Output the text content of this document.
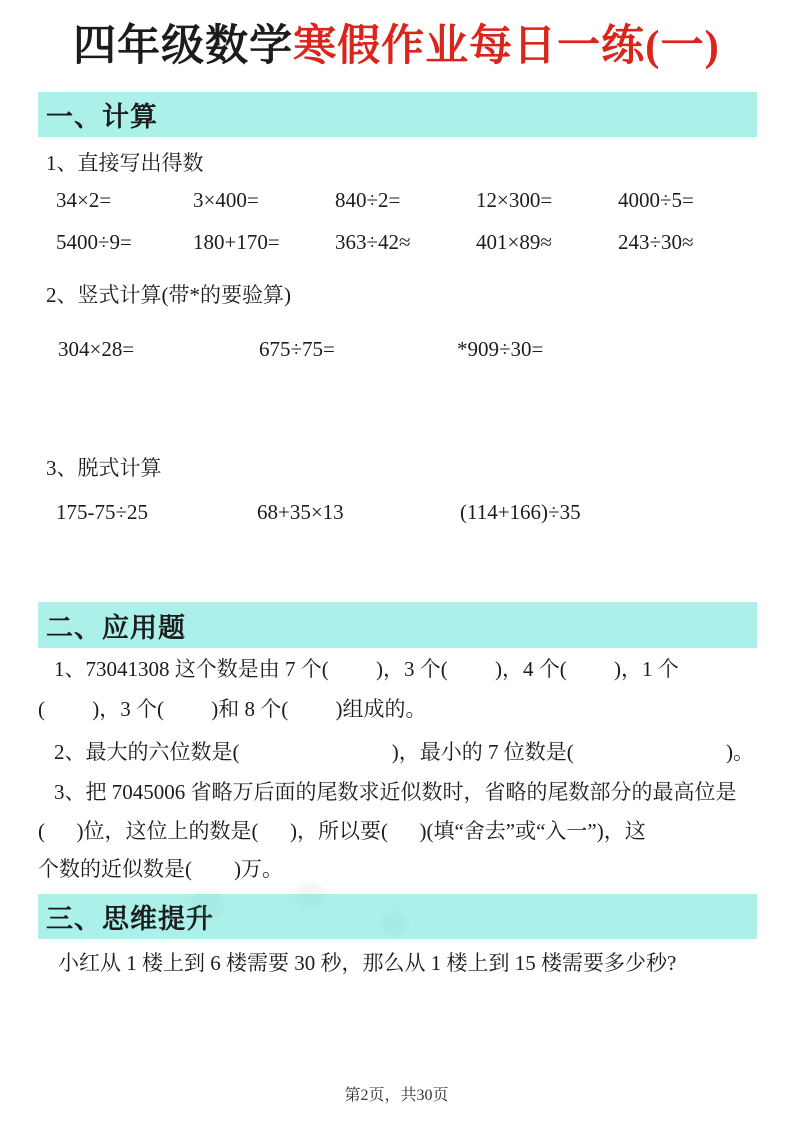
四年级数学寒假作业每日一练(一)
一、计算
1、直接写出得数
34×2=	3×400=	840÷2=	12×300=	4000÷5=
5400÷9=	180+170=	363÷42≈	401×89≈	243÷30≈
2、竖式计算(带*的要验算)
304×28=	675÷75=	*909÷30=
3、脱式计算
175-75÷25	68+35×13	(114+166)÷35
二、应用题
1、73041308 这个数是由 7 个(         )，3 个(         )，4 个(         )，1 个
(         )，3 个(         )和 8 个(         )组成的。
2、最大的六位数是(                             )，最小的 7 位数是(                             )。
3、把 7045006 省略万后面的尾数求近似数时，省略的尾数部分的最高位是
(      )位，这位上的数是(      )，所以要(      )(填“舍去”或“入一”)，这
个数的近似数是(        )万。
三、思维提升
小红从 1 楼上到 6 楼需要 30 秒，那么从 1 楼上到 15 楼需要多少秒?
第2页，共30页
